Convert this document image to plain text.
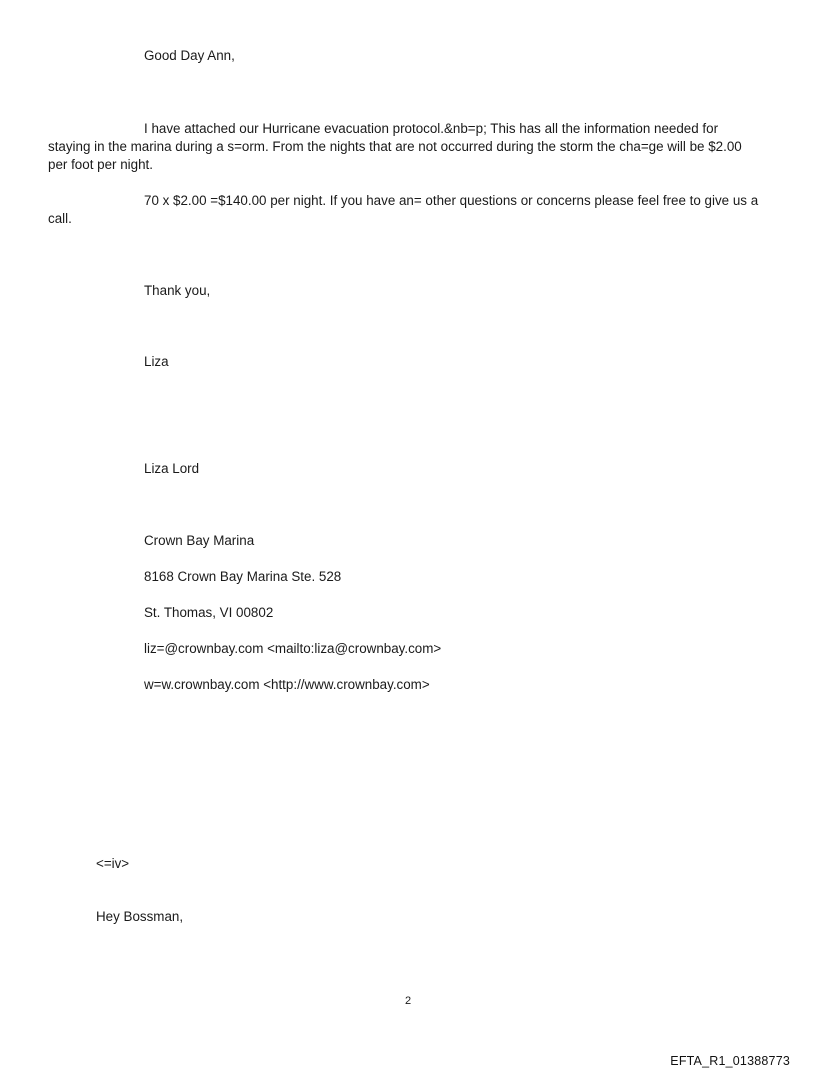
Good Day Ann,

I have attached our Hurricane evacuation protocol.&nb=p; This has all the information needed for staying in the marina during a s=orm. From the nights that are not occurred during the storm the cha=ge will be $2.00 per foot per night.

70 x $2.00 =$140.00 per night. If you have an= other questions or concerns please feel free to give us a call.

Thank you,

Liza

Liza Lord

Crown Bay Marina

8168 Crown Bay Marina Ste. 528

St. Thomas, VI 00802

liz=@crownbay.com <mailto:liza@crownbay.com>

w=w.crownbay.com <http://www.crownbay.com>

<=iv>

Hey Bossman,

2
EFTA_R1_01388773
